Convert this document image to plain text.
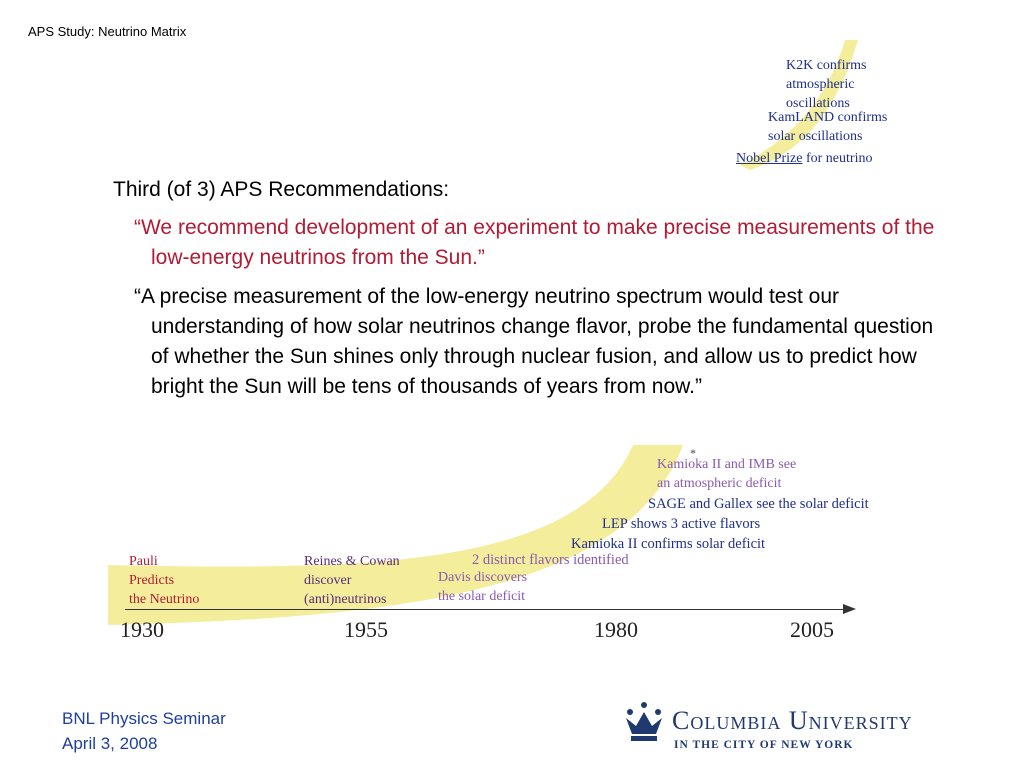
APS Study: Neutrino Matrix
K2K confirms
atmospheric
oscillations
KamLAND confirms
solar oscillations
Nobel Prize for neutrino
Third (of 3) APS Recommendations:
“We recommend development of an experiment to make precise measurements of the low-energy neutrinos from the Sun.”
“A precise measurement of the low-energy neutrino spectrum would test our understanding of how solar neutrinos change flavor, probe the fundamental question of whether the Sun shines only through nuclear fusion, and allow us to predict how bright the Sun will be tens of thousands of years from now.”
*
Kamioka II and IMB see
an atmospheric deficit
SAGE and Gallex see the solar deficit
LEP shows 3 active flavors
Kamioka II confirms solar deficit
2 distinct flavors identified
Pauli
Predicts
the Neutrino
Reines & Cowan
discover
(anti)neutrinos
Davis discovers
the solar deficit
1930	1955	1980	2005
BNL Physics Seminar
April 3, 2008
Columbia University
IN THE CITY OF NEW YORK
